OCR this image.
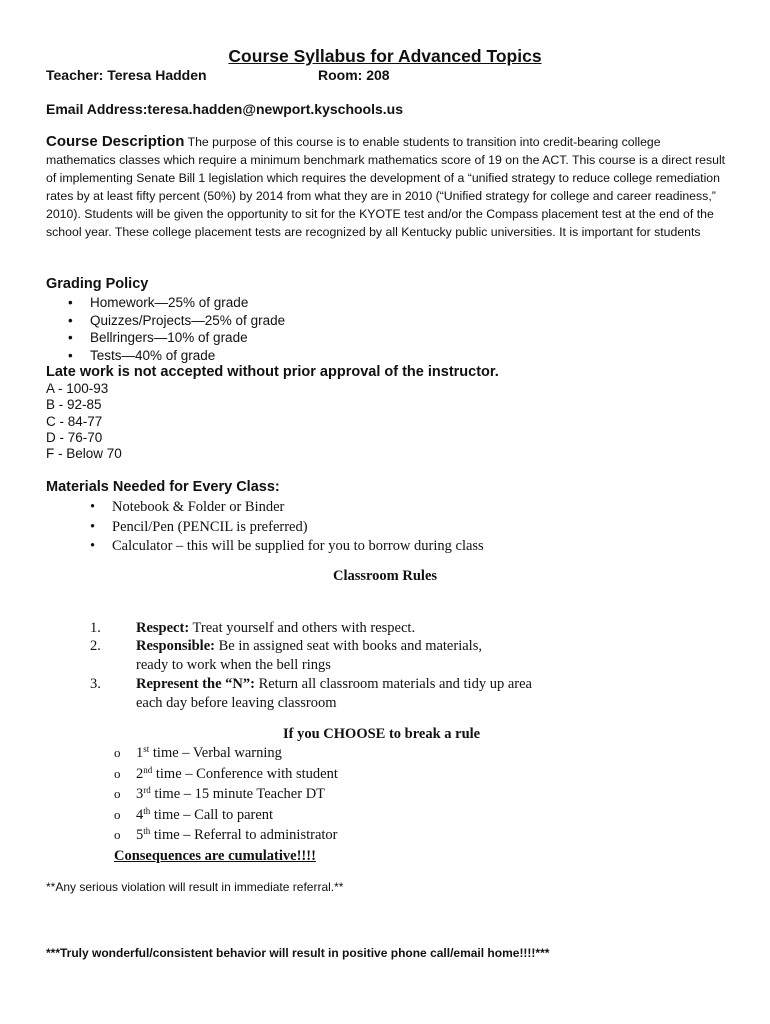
Course Syllabus for Advanced Topics
Teacher: Teresa Hadden	Room: 208
Email Address:teresa.hadden@newport.kyschools.us
Course Description The purpose of this course is to enable students to transition into credit-bearing college mathematics classes which require a minimum benchmark mathematics score of 19 on the ACT. This course is a direct result of implementing Senate Bill 1 legislation which requires the development of a “unified strategy to reduce college remediation rates by at least fifty percent (50%) by 2014 from what they are in 2010 (“Unified strategy for college and career readiness,” 2010). Students will be given the opportunity to sit for the KYOTE test and/or the Compass placement test at the end of the school year. These college placement tests are recognized by all Kentucky public universities. It is important for students
Grading Policy
• Homework—25% of grade
• Quizzes/Projects—25% of grade
• Bellringers—10% of grade
• Tests—40% of grade
Late work is not accepted without prior approval of the instructor.
A - 100-93
B - 92-85
C - 84-77
D - 76-70
F - Below 70
Materials Needed for Every Class:
• Notebook & Folder or Binder
• Pencil/Pen (PENCIL is preferred)
• Calculator – this will be supplied for you to borrow during class
Classroom Rules
1. Respect: Treat yourself and others with respect.
2. Responsible: Be in assigned seat with books and materials, ready to work when the bell rings
3. Represent the “N”: Return all classroom materials and tidy up area each day before leaving classroom
If you CHOOSE to break a rule
o 1st time – Verbal warning
o 2nd time – Conference with student
o 3rd time – 15 minute Teacher DT
o 4th time – Call to parent
o 5th time – Referral to administrator
Consequences are cumulative!!!!
**Any serious violation will result in immediate referral.**
***Truly wonderful/consistent behavior will result in positive phone call/email home!!!!***
